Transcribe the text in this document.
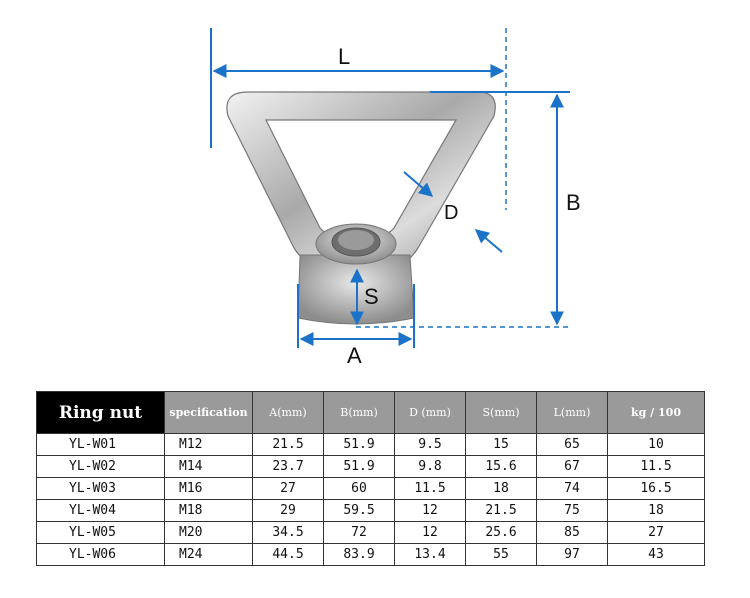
L
B
D
S
A
Ring nut	specification	A(mm)	B(mm)	D (mm)	S(mm)	L(mm)	kg / 100
YL-W01	M12	21.5	51.9	9.5	15	65	10
YL-W02	M14	23.7	51.9	9.8	15.6	67	11.5
YL-W03	M16	27	60	11.5	18	74	16.5
YL-W04	M18	29	59.5	12	21.5	75	18
YL-W05	M20	34.5	72	12	25.6	85	27
YL-W06	M24	44.5	83.9	13.4	55	97	43
